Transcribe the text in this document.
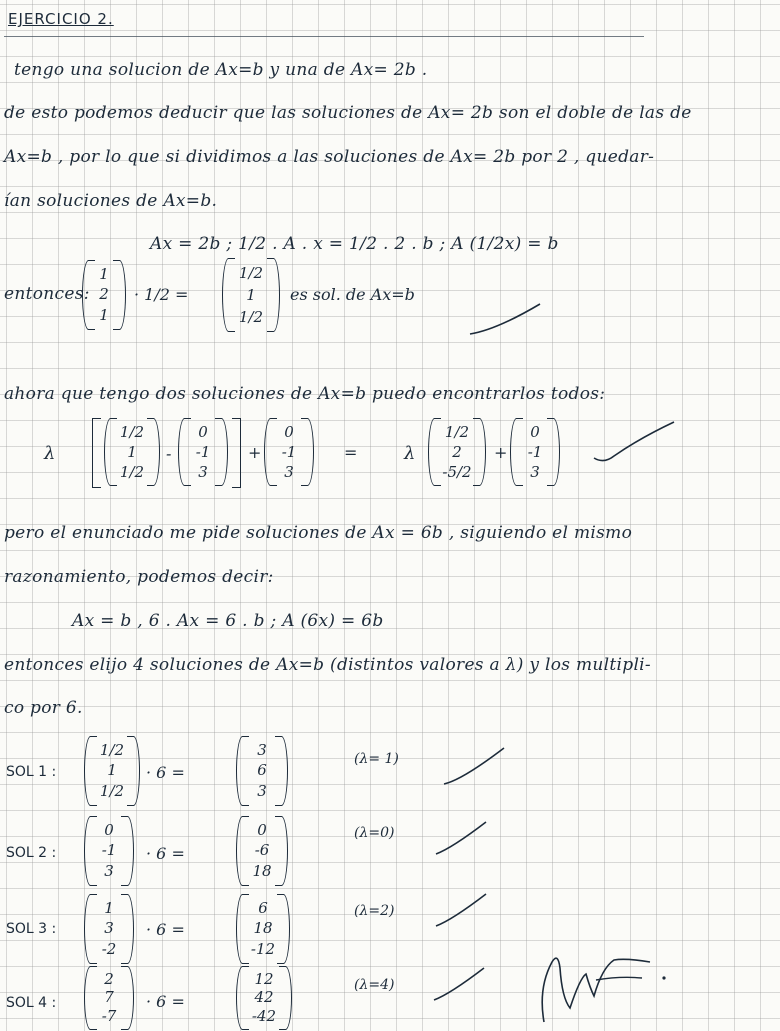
EJERCICIO 2.
tengo una solucion de Ax=b y una de Ax= 2b .
de esto podemos deducir que las soluciones de Ax= 2b son el doble de las de
Ax=b , por lo que si dividimos a las soluciones de Ax= 2b por 2 , quedar-
ían soluciones de Ax=b.
Ax = 2b ; 1/2 . A . x = 1/2 . 2 . b ; A (1/2x) = b
entonces:
1
2
1
· 1/2 =
1/2
1
1/2
es sol. de Ax=b
ahora que tengo dos soluciones de Ax=b puedo encontrarlos todos:
λ
1/2
1
1/2
-
0
-1
3
+
0
-1
3
=	λ
1/2
2
-5/2
+
0
-1
3
pero el enunciado me pide soluciones de Ax = 6b , siguiendo el mismo
razonamiento, podemos decir:
Ax = b , 6 . Ax = 6 . b ; A (6x) = 6b
entonces elijo 4 soluciones de Ax=b (distintos valores a λ) y los multipli-
co por 6.
SOL 1 :
1/2
1
1/2
· 6 =
3
6
3
(λ= 1)
SOL 2 :
0
-1
3
· 6 =
0
-6
18
(λ=0)
SOL 3 :
1
3
-2
· 6 =
6
18
-12
(λ=2)
SOL 4 :
2
7
-7
· 6 =
12
42
-42
(λ=4)
